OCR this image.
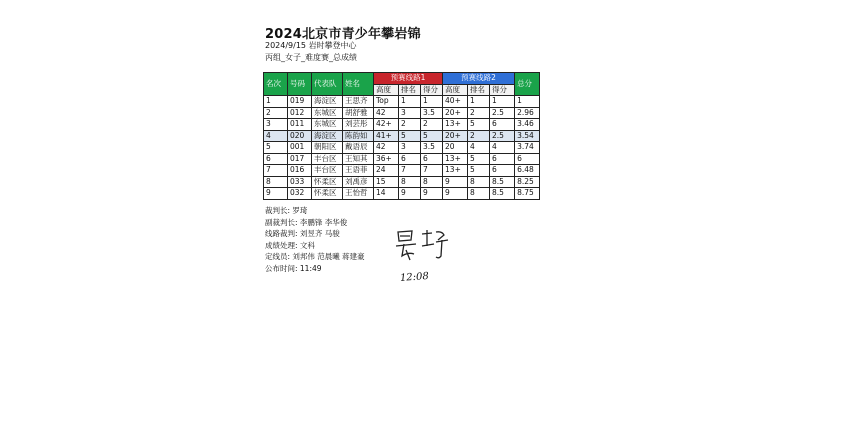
2024北京市青少年攀岩锦
2024/9/15 岩时攀登中心
丙组_女子_难度赛_总成绩
名次	号码	代表队	姓名	预赛线路1			预赛线路2			总分
				高度	排名	得分	高度	排名	得分	
1	019	海淀区	王思齐	Top	1	1	40+	1	1	1
2	012	东城区	胡舒雅	42	3	3.5	20+	2	2.5	2.96
3	011	东城区	刘芸彤	42+	2	2	13+	5	6	3.46
4	020	海淀区	陈韵如	41+	5	5	20+	2	2.5	3.54
5	001	朝阳区	戴语辰	42	3	3.5	20	4	4	3.74
6	017	丰台区	王知其	36+	6	6	13+	5	6	6
7	016	丰台区	王语菲	24	7	7	13+	5	6	6.48
8	033	怀柔区	刘禹彦	15	8	8	9	8	8.5	8.25
9	032	怀柔区	王怡哲	14	9	9	9	8	8.5	8.75
裁判长: 罗琦
副裁判长: 李鹏锋 李华俊
线路裁判: 刘昱齐 马骏
成绩处理: 文科
定线员: 刘邦伟 范晨曦 蒋建豪
公布时间: 11:49
12:08
